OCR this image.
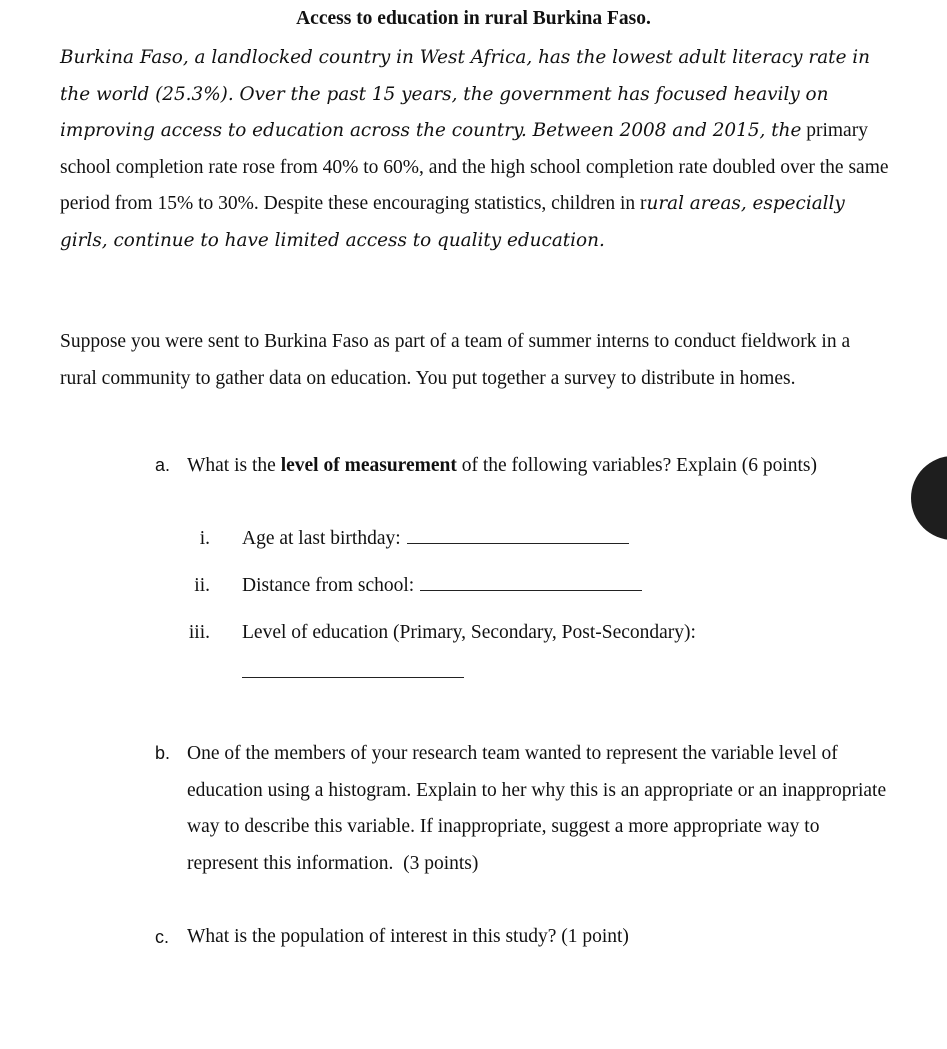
Access to education in rural Burkina Faso.

Burkina Faso, a landlocked country in West Africa, has the lowest adult literacy rate in the world (25.3%). Over the past 15 years, the government has focused heavily on improving access to education across the country. Between 2008 and 2015, the primary school completion rate rose from 40% to 60%, and the high school completion rate doubled over the same period from 15% to 30%. Despite these encouraging statistics, children in rural areas, especially girls, continue to have limited access to quality education.

Suppose you were sent to Burkina Faso as part of a team of summer interns to conduct fieldwork in a rural community to gather data on education. You put together a survey to distribute in homes.

a. What is the level of measurement of the following variables? Explain (6 points)

i. Age at last birthday:
ii. Distance from school:
iii. Level of education (Primary, Secondary, Post-Secondary):
b. One of the members of your research team wanted to represent the variable level of education using a histogram. Explain to her why this is an appropriate or an inappropriate way to describe this variable. If inappropriate, suggest a more appropriate way to represent this information.  (3 points)

c. What is the population of interest in this study? (1 point)
